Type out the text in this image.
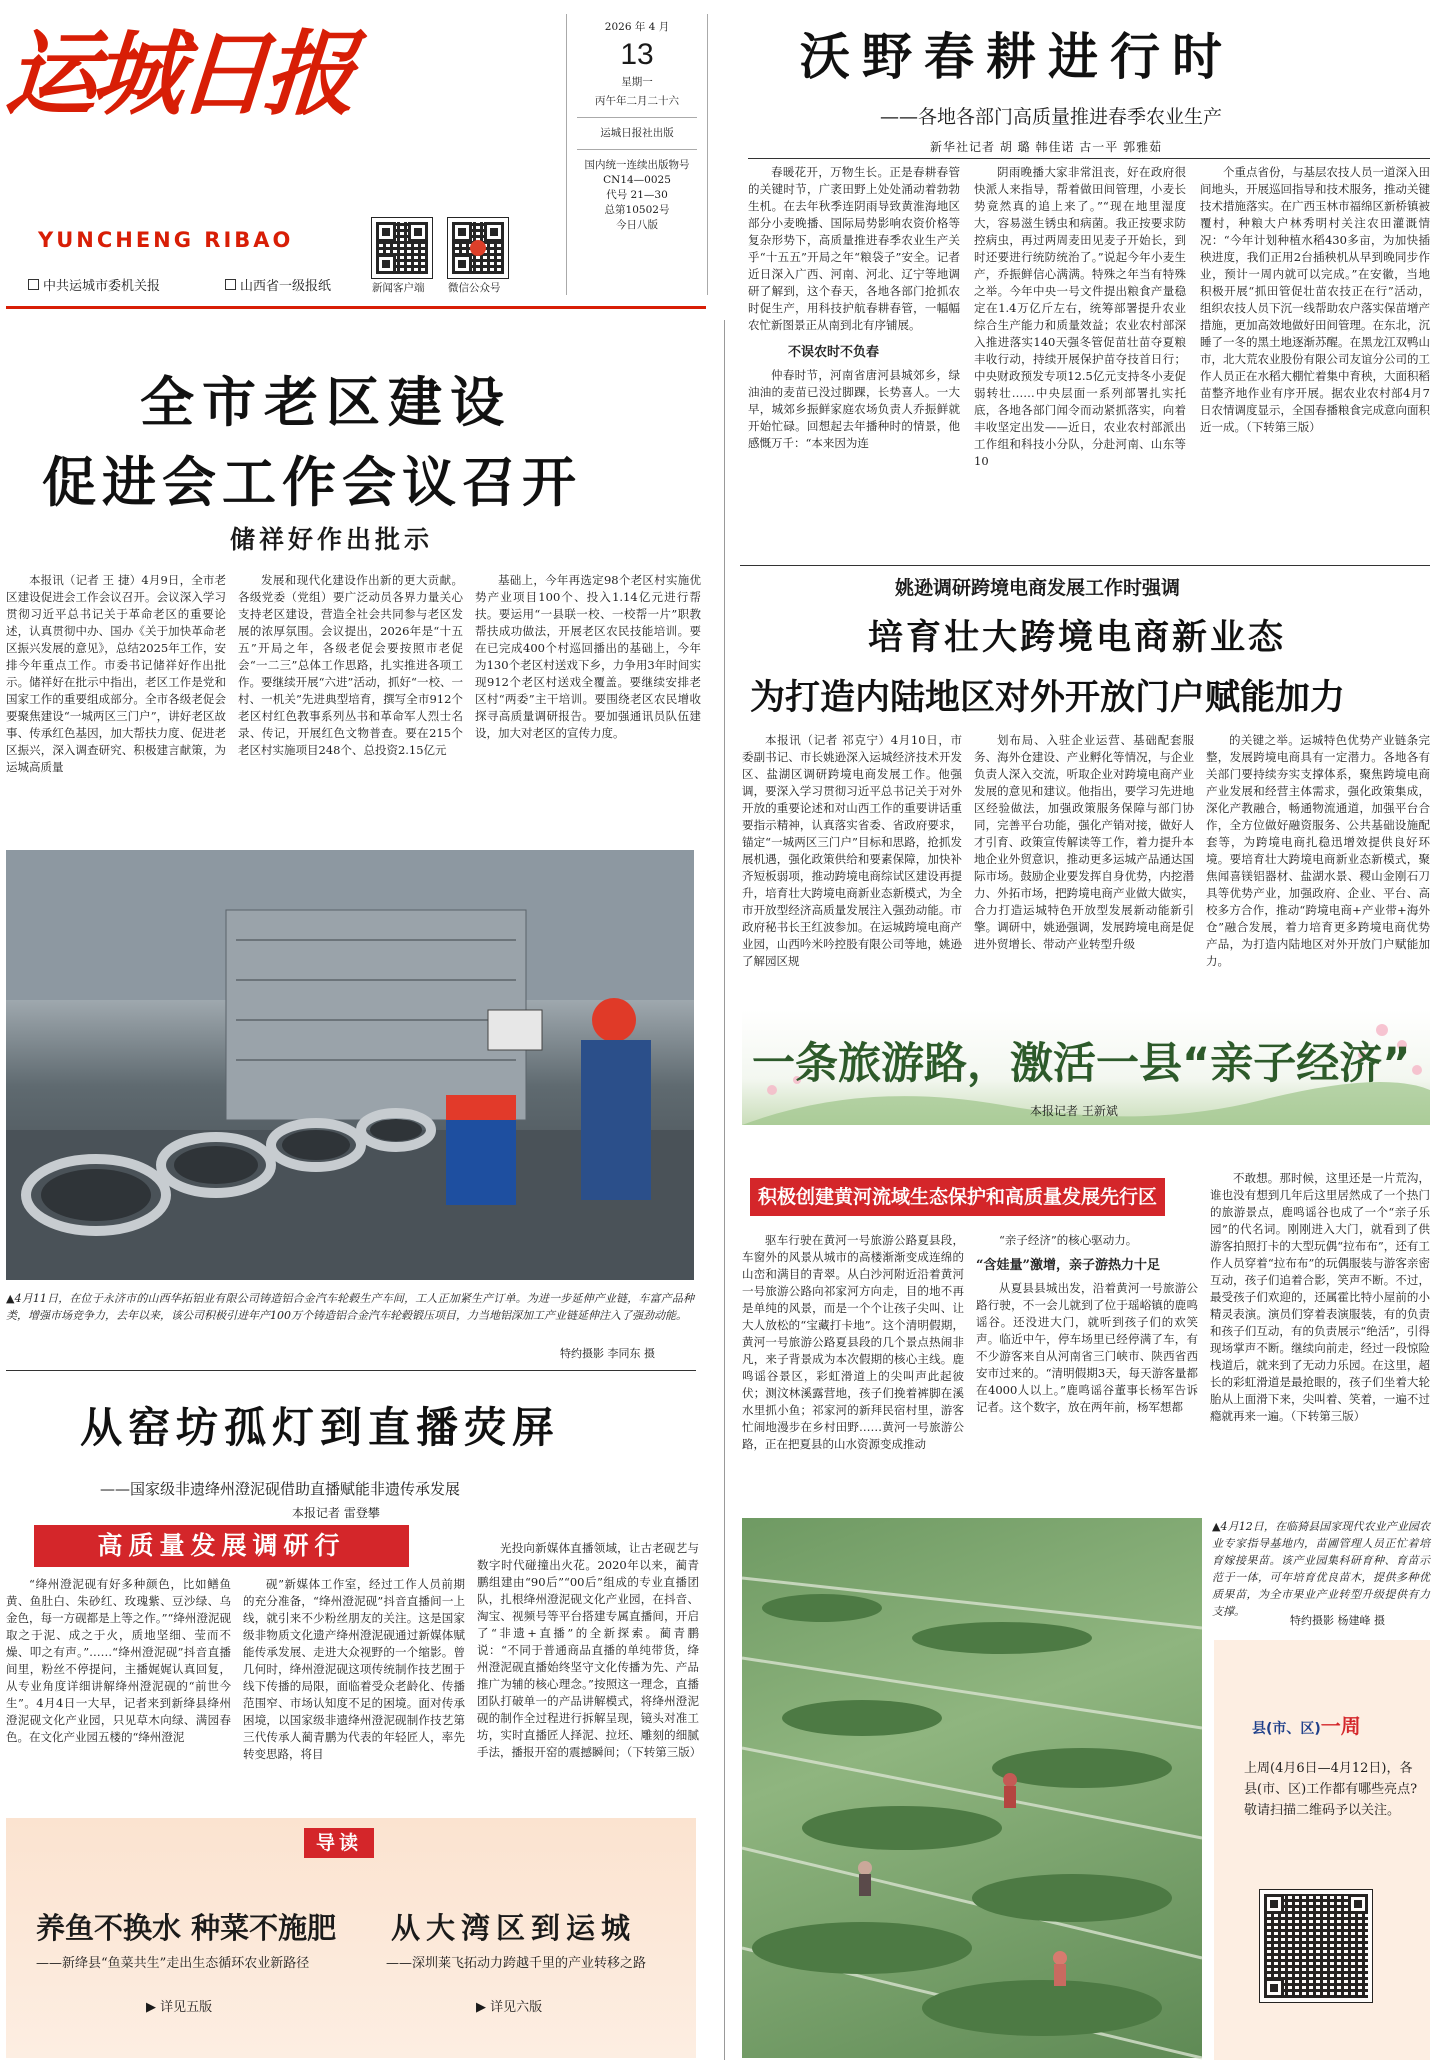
运城日报
YUNCHENG RIBAO
中共运城市委机关报	山西省一级报纸	新闻客户端 微信公众号
2026 年 4 月
13
星期一
丙午年二月二十六
运城日报社出版
国内统一连续出版物号
CN14—0025
代号 21—30
总第10502号
今日八版
沃野春耕进行时
——各地各部门高质量推进春季农业生产
新华社记者 胡 璐 韩佳诺 古一平 郭雅茹

春暖花开，万物生长。正是春耕春管的关键时节，广袤田野上处处涌动着勃勃生机。在去年秋季连阴雨导致黄淮海地区部分小麦晚播、国际局势影响农资价格等复杂形势下，高质量推进春季农业生产关乎“十五五”开局之年“粮袋子”安全。记者近日深入广西、河南、河北、辽宁等地调研了解到，这个春天，各地各部门抢抓农时促生产，用科技护航春耕春管，一幅幅农忙新图景正从南到北有序铺展。

不误农时不负春

仲春时节，河南省唐河县城郊乡，绿油油的麦苗已没过脚踝，长势喜人。一大早，城郊乡振鲜家庭农场负责人乔振鲜就开始忙碌。回想起去年播种时的情景，他感慨万千：“本来因为连

阴雨晚播大家非常沮丧，好在政府很快派人来指导，帮着做田间管理，小麦长势竟然真的追上来了。”“现在地里湿度大，容易滋生锈虫和病菌。我正按要求防控病虫，再过两周麦田见麦子开始长，到时还要进行统防统治了。”说起今年小麦生产，乔振鲜信心满满。特殊之年当有特殊之举。今年中央一号文件提出粮食产量稳定在1.4万亿斤左右，统筹部署提升农业综合生产能力和质量效益；农业农村部深入推进落实140天强冬管促苗壮苗夺夏粮丰收行动，持续开展保护苗夺技首日行；中央财政预发专项12.5亿元支持冬小麦促弱转壮……中央层面一系列部署扎实托底，各地各部门闻令而动紧抓落实，向着丰收坚定出发——近日，农业农村部派出工作组和科技小分队，分赴河南、山东等10

个重点省份，与基层农技人员一道深入田间地头，开展巡回指导和技术服务，推动关键技术措施落实。在广西玉林市福绵区新桥镇被覆村，种粮大户林秀明村关注农田灌溉情况：“今年计划种植水稻430多亩，为加快插秧进度，我们正用2台插秧机从早到晚同步作业，预计一周内就可以完成。”在安徽，当地积极开展“抓田管促壮苗农技正在行”活动，组织农技人员下沉一线帮助农户落实保苗增产措施，更加高效地做好田间管理。在东北，沉睡了一冬的黑土地逐渐苏醒。在黑龙江双鸭山市，北大荒农业股份有限公司友谊分公司的工作人员正在水稻大棚忙着集中育秧，大面积稻苗整齐地作业有序开展。据农业农村部4月7日农情调度显示，全国春播粮食完成意向面积近一成。（下转第三版）

全市老区建设
促进会工作会议召开
储祥好作出批示

本报讯（记者 王 捷）4月9日，全市老区建设促进会工作会议召开。会议深入学习贯彻习近平总书记关于革命老区的重要论述，认真贯彻中办、国办《关于加快革命老区振兴发展的意见》，总结2025年工作，安排今年重点工作。市委书记储祥好作出批示。储祥好在批示中指出，老区工作是党和国家工作的重要组成部分。全市各级老促会要聚焦建设“一城两区三门户”，讲好老区故事、传承红色基因，加大帮扶力度、促进老区振兴，深入调查研究、积极建言献策，为运城高质量

发展和现代化建设作出新的更大贡献。各级党委（党组）要广泛动员各界力量关心支持老区建设，营造全社会共同参与老区发展的浓厚氛围。会议提出，2026年是“十五五”开局之年，各级老促会要按照市老促会“一二三”总体工作思路，扎实推进各项工作。要继续开展“六进”活动，抓好“一校、一村、一机关”先进典型培育，撰写全市912个老区村红色教事系列丛书和革命军人烈士名录、传记，开展红色文物普查。要在215个老区村实施项目248个、总投资2.15亿元

基础上，今年再选定98个老区村实施优势产业项目100个、投入1.14亿元进行帮扶。要运用“一县联一校、一校帮一片”职教帮扶成功做法，开展老区农民技能培训。要在已完成400个村巡回播出的基础上，今年为130个老区村送戏下乡，力争用3年时间实现912个老区村送戏全覆盖。要继续安排老区村“两委”主干培训。要围绕老区农民增收探寻高质量调研报告。要加强通讯员队伍建设，加大对老区的宣传力度。

▲4月11日，在位于永济市的山西华拓铝业有限公司铸造铝合金汽车轮毂生产车间，工人正加紧生产订单。为进一步延伸产业链，车富产品种类，增强市场竞争力，去年以来，该公司积极引进年产100万个铸造铝合金汽车轮毂锻压项目，力当地铝深加工产业链延伸注入了强劲动能。
特约摄影 李同东 摄
从窑坊孤灯到直播荧屏
——国家级非遗绛州澄泥砚借助直播赋能非遗传承发展
本报记者 雷登攀
高质量发展调研行

“绛州澄泥砚有好多种颜色，比如鳝鱼黄、鱼肚白、朱砂红、玫瑰紫、豆沙绿、乌金色，每一方砚都是上等之作。”“绛州澄泥砚取之于泥、成之于火，质地坚细、莹而不燥、叩之有声。”……“绛州澄泥砚”抖音直播间里，粉丝不停提问，主播娓娓认真回复，从专业角度详细讲解绛州澄泥砚的“前世今生”。4月4日一大早，记者来到新绛县绛州澄泥砚文化产业园，只见草木向绿、满园春色。在文化产业园五楼的“绛州澄泥

砚”新媒体工作室，经过工作人员前期的充分准备，“绛州澄泥砚”抖音直播间一上线，就引来不少粉丝朋友的关注。这是国家级非物质文化遗产绛州澄泥砚通过新媒体赋能传承发展、走进大众视野的一个缩影。曾几何时，绛州澄泥砚这项传统制作技艺囿于线下传播的局限，面临着受众老龄化、传播范围窄、市场认知度不足的困境。面对传承困境，以国家级非遗绛州澄泥砚制作技艺第三代传承人蔺青鹏为代表的年轻匠人，率先转变思路，将目

光投向新媒体直播领域，让古老砚艺与数字时代碰撞出火花。2020年以来，蔺青鹏组建由“90后”“00后”组成的专业直播团队，扎根绛州澄泥砚文化产业园，在抖音、淘宝、视频号等平台搭建专属直播间，开启了“非遗+直播”的全新探索。蔺青鹏说：“不同于普通商品直播的单纯带货，绛州澄泥砚直播始终坚守文化传播为先、产品推广为辅的核心理念。”按照这一理念，直播团队打破单一的产品讲解模式，将绛州澄泥砚的制作全过程进行拆解呈现，镜头对准工坊，实时直播匠人择泥、拉坯、雕刻的细腻手法，播报开窑的震撼瞬间；（下转第三版）

导读
养鱼不换水 种菜不施肥
——新绛县“鱼菜共生”走出生态循环农业新路径
▶ 详见五版
从大湾区到运城
——深圳莱飞拓动力跨越千里的产业转移之路
▶ 详见六版
姚逊调研跨境电商发展工作时强调
培育壮大跨境电商新业态
为打造内陆地区对外开放门户赋能加力

本报讯（记者 祁克宁）4月10日，市委副书记、市长姚逊深入运城经济技术开发区、盐湖区调研跨境电商发展工作。他强调，要深入学习贯彻习近平总书记关于对外开放的重要论述和对山西工作的重要讲话重要指示精神，认真落实省委、省政府要求，锚定“一城两区三门户”目标和思路，抢抓发展机遇，强化政策供给和要素保障，加快补齐短板弱项，推动跨境电商综试区建设再提升，培育壮大跨境电商新业态新模式，为全市开放型经济高质量发展注入强劲动能。市政府秘书长王红波参加。在运城跨境电商产业园，山西吟米吟控股有限公司等地，姚逊了解园区规

划布局、入驻企业运营、基础配套服务、海外仓建设、产业孵化等情况，与企业负责人深入交流，听取企业对跨境电商产业发展的意见和建议。他指出，要学习先进地区经验做法，加强政策服务保障与部门协同，完善平台功能，强化产销对接，做好人才引育、政策宣传解读等工作，着力提升本地企业外贸意识，推动更多运城产品通达国际市场。鼓励企业要发挥自身优势，内挖潜力、外拓市场，把跨境电商产业做大做实，合力打造运城特色开放型发展新动能新引擎。调研中，姚逊强调，发展跨境电商是促进外贸增长、带动产业转型升级

的关键之举。运城特色优势产业链条完整，发展跨境电商具有一定潜力。各地各有关部门要持续夯实支撑体系，聚焦跨境电商产业发展和经营主体需求，强化政策集成，深化产教融合，畅通物流通道，加强平台合作，全方位做好融资服务、公共基础设施配套等，为跨境电商扎稳迅增效提供良好环境。要培育壮大跨境电商新业态新模式，聚焦闻喜镁铝器材、盐湖水景、稷山金刚石刀具等优势产业，加强政府、企业、平台、高校多方合作，推动“跨境电商+产业带+海外仓”融合发展，着力培育更多跨境电商优势产品，为打造内陆地区对外开放门户赋能加力。

一条旅游路，激活一县“亲子经济”
本报记者 王新斌
积极创建黄河流域生态保护和高质量发展先行区

驱车行驶在黄河一号旅游公路夏县段，车窗外的风景从城市的高楼渐渐变成连绵的山峦和满目的青翠。从白沙河附近沿着黄河一号旅游公路向祁家河方向走，目的地不再是单纯的风景，而是一个个让孩子尖叫、让大人放松的“宝藏打卡地”。这个清明假期，黄河一号旅游公路夏县段的几个景点热闹非凡，来子背景成为本次假期的核心主线。鹿鸣谣谷景区，彩虹滑道上的尖叫声此起彼伏；测汶林溪露营地，孩子们挽着裤脚在溪水里抓小鱼；祁家河的新拜民宿村里，游客忙闹地漫步在乡村田野……黄河一号旅游公路，正在把夏县的山水资源变成推动

“亲子经济”的核心驱动力。

“含娃量”激增，亲子游热力十足

从夏县县城出发，沿着黄河一号旅游公路行驶，不一会儿就到了位于瑶峪镇的鹿鸣谣谷。还没进大门，就听到孩子们的欢笑声。临近中午，停车场里已经停满了车，有不少游客来自从河南省三门峡市、陕西省西安市过来的。“清明假期3天，每天游客量都在4000人以上。”鹿鸣谣谷董事长杨军告诉记者。这个数字，放在两年前，杨军想都

不敢想。那时候，这里还是一片荒沟，谁也没有想到几年后这里居然成了一个热门的旅游景点，鹿鸣谣谷也成了一个“亲子乐园”的代名词。刚刚进入大门，就看到了供游客拍照打卡的大型玩偶“拉布布”，还有工作人员穿着“拉布布”的玩偶服装与游客亲密互动，孩子们追着合影，笑声不断。不过，最受孩子们欢迎的，还属霍比特小屋前的小精灵表演。演员们穿着表演服装，有的负责和孩子们互动，有的负责展示“绝活”，引得现场掌声不断。继续向前走，经过一段惊险栈道后，就来到了无动力乐园。在这里，超长的彩虹滑道是最抢眼的，孩子们坐着大轮胎从上面滑下来，尖叫着、笑着，一遍不过瘾就再来一遍。（下转第三版）

▲4月12日，在临猗县国家现代农业产业园农业专家指导基地内，苗圃管理人员正忙着培育嫁接果苗。该产业园集科研育种、育苗示范于一体，可年培育优良苗木，提供多种优质果苗，为全市果业产业转型升级提供有力支撑。
特约摄影 杨建峰 摄
县(市、区)一周
上周(4月6日—4月12日)，各县(市、区)工作都有哪些亮点? 敬请扫描二维码予以关注。
